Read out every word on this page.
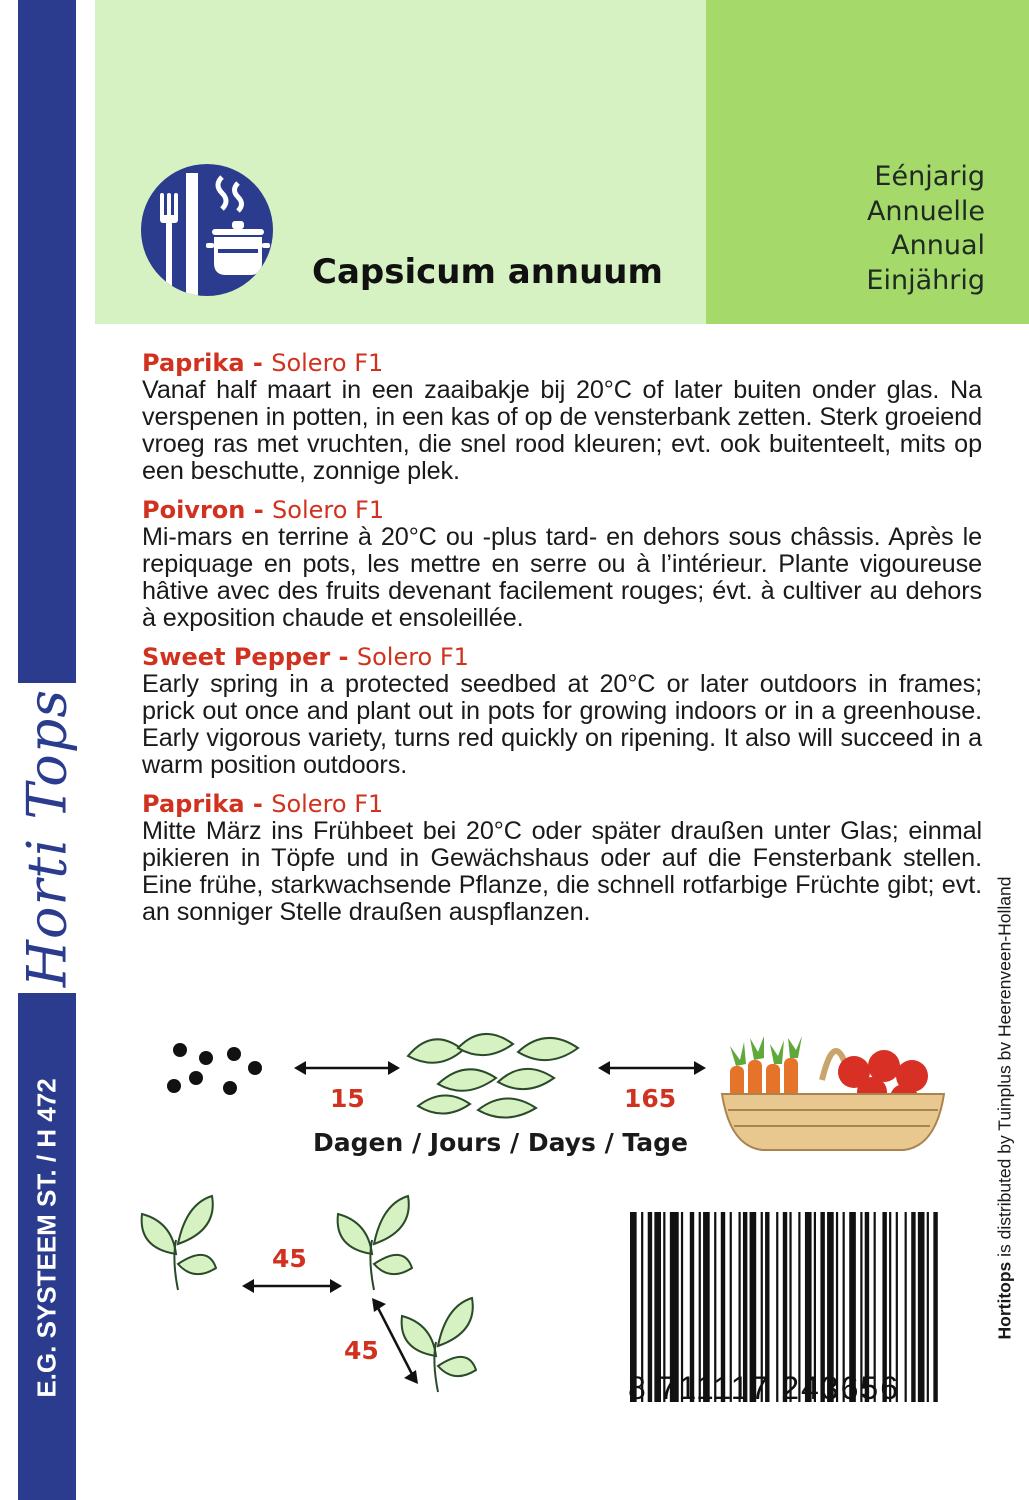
Horti Tops
E.G. SYSTEEM ST. / H 472
Capsicum annuum
Eénjarig
Annuelle
Annual
Einjährig
Paprika - Solero F1
Vanaf half maart in een zaaibakje bij 20°C of later buiten onder glas. Na verspenen in potten, in een kas of op de vensterbank zetten. Sterk groeiend vroeg ras met vruchten, die snel rood kleuren; evt. ook buitenteelt, mits op een beschutte, zonnige plek.
Poivron - Solero F1
Mi-mars en terrine à 20°C ou -plus tard- en dehors sous châssis. Après le repiquage en pots, les mettre en serre ou à l’intérieur. Plante vigoureuse hâtive avec des fruits devenant facilement rouges; évt. à cultiver au dehors à exposition chaude et ensoleillée.
Sweet Pepper - Solero F1
Early spring in a protected seedbed at 20°C or later outdoors in frames; prick out once and plant out in pots for growing indoors or in a greenhouse. Early vigorous variety, turns red quickly on ripening. It also will succeed in a warm position outdoors.
Paprika - Solero F1
Mitte März ins Frühbeet bei 20°C oder später draußen unter Glas; einmal pikieren in Töpfe und in Gewächshaus oder auf die Fensterbank stellen. Eine frühe, starkwachsende Pflanze, die schnell rotfarbige Früchte gibt; evt. an sonniger Stelle draußen auspflanzen.
Hortitops is distributed by Tuinplus bv Heerenveen-Holland
15	165
Dagen / Jours / Days / Tage
45
45
8 711117 243656
